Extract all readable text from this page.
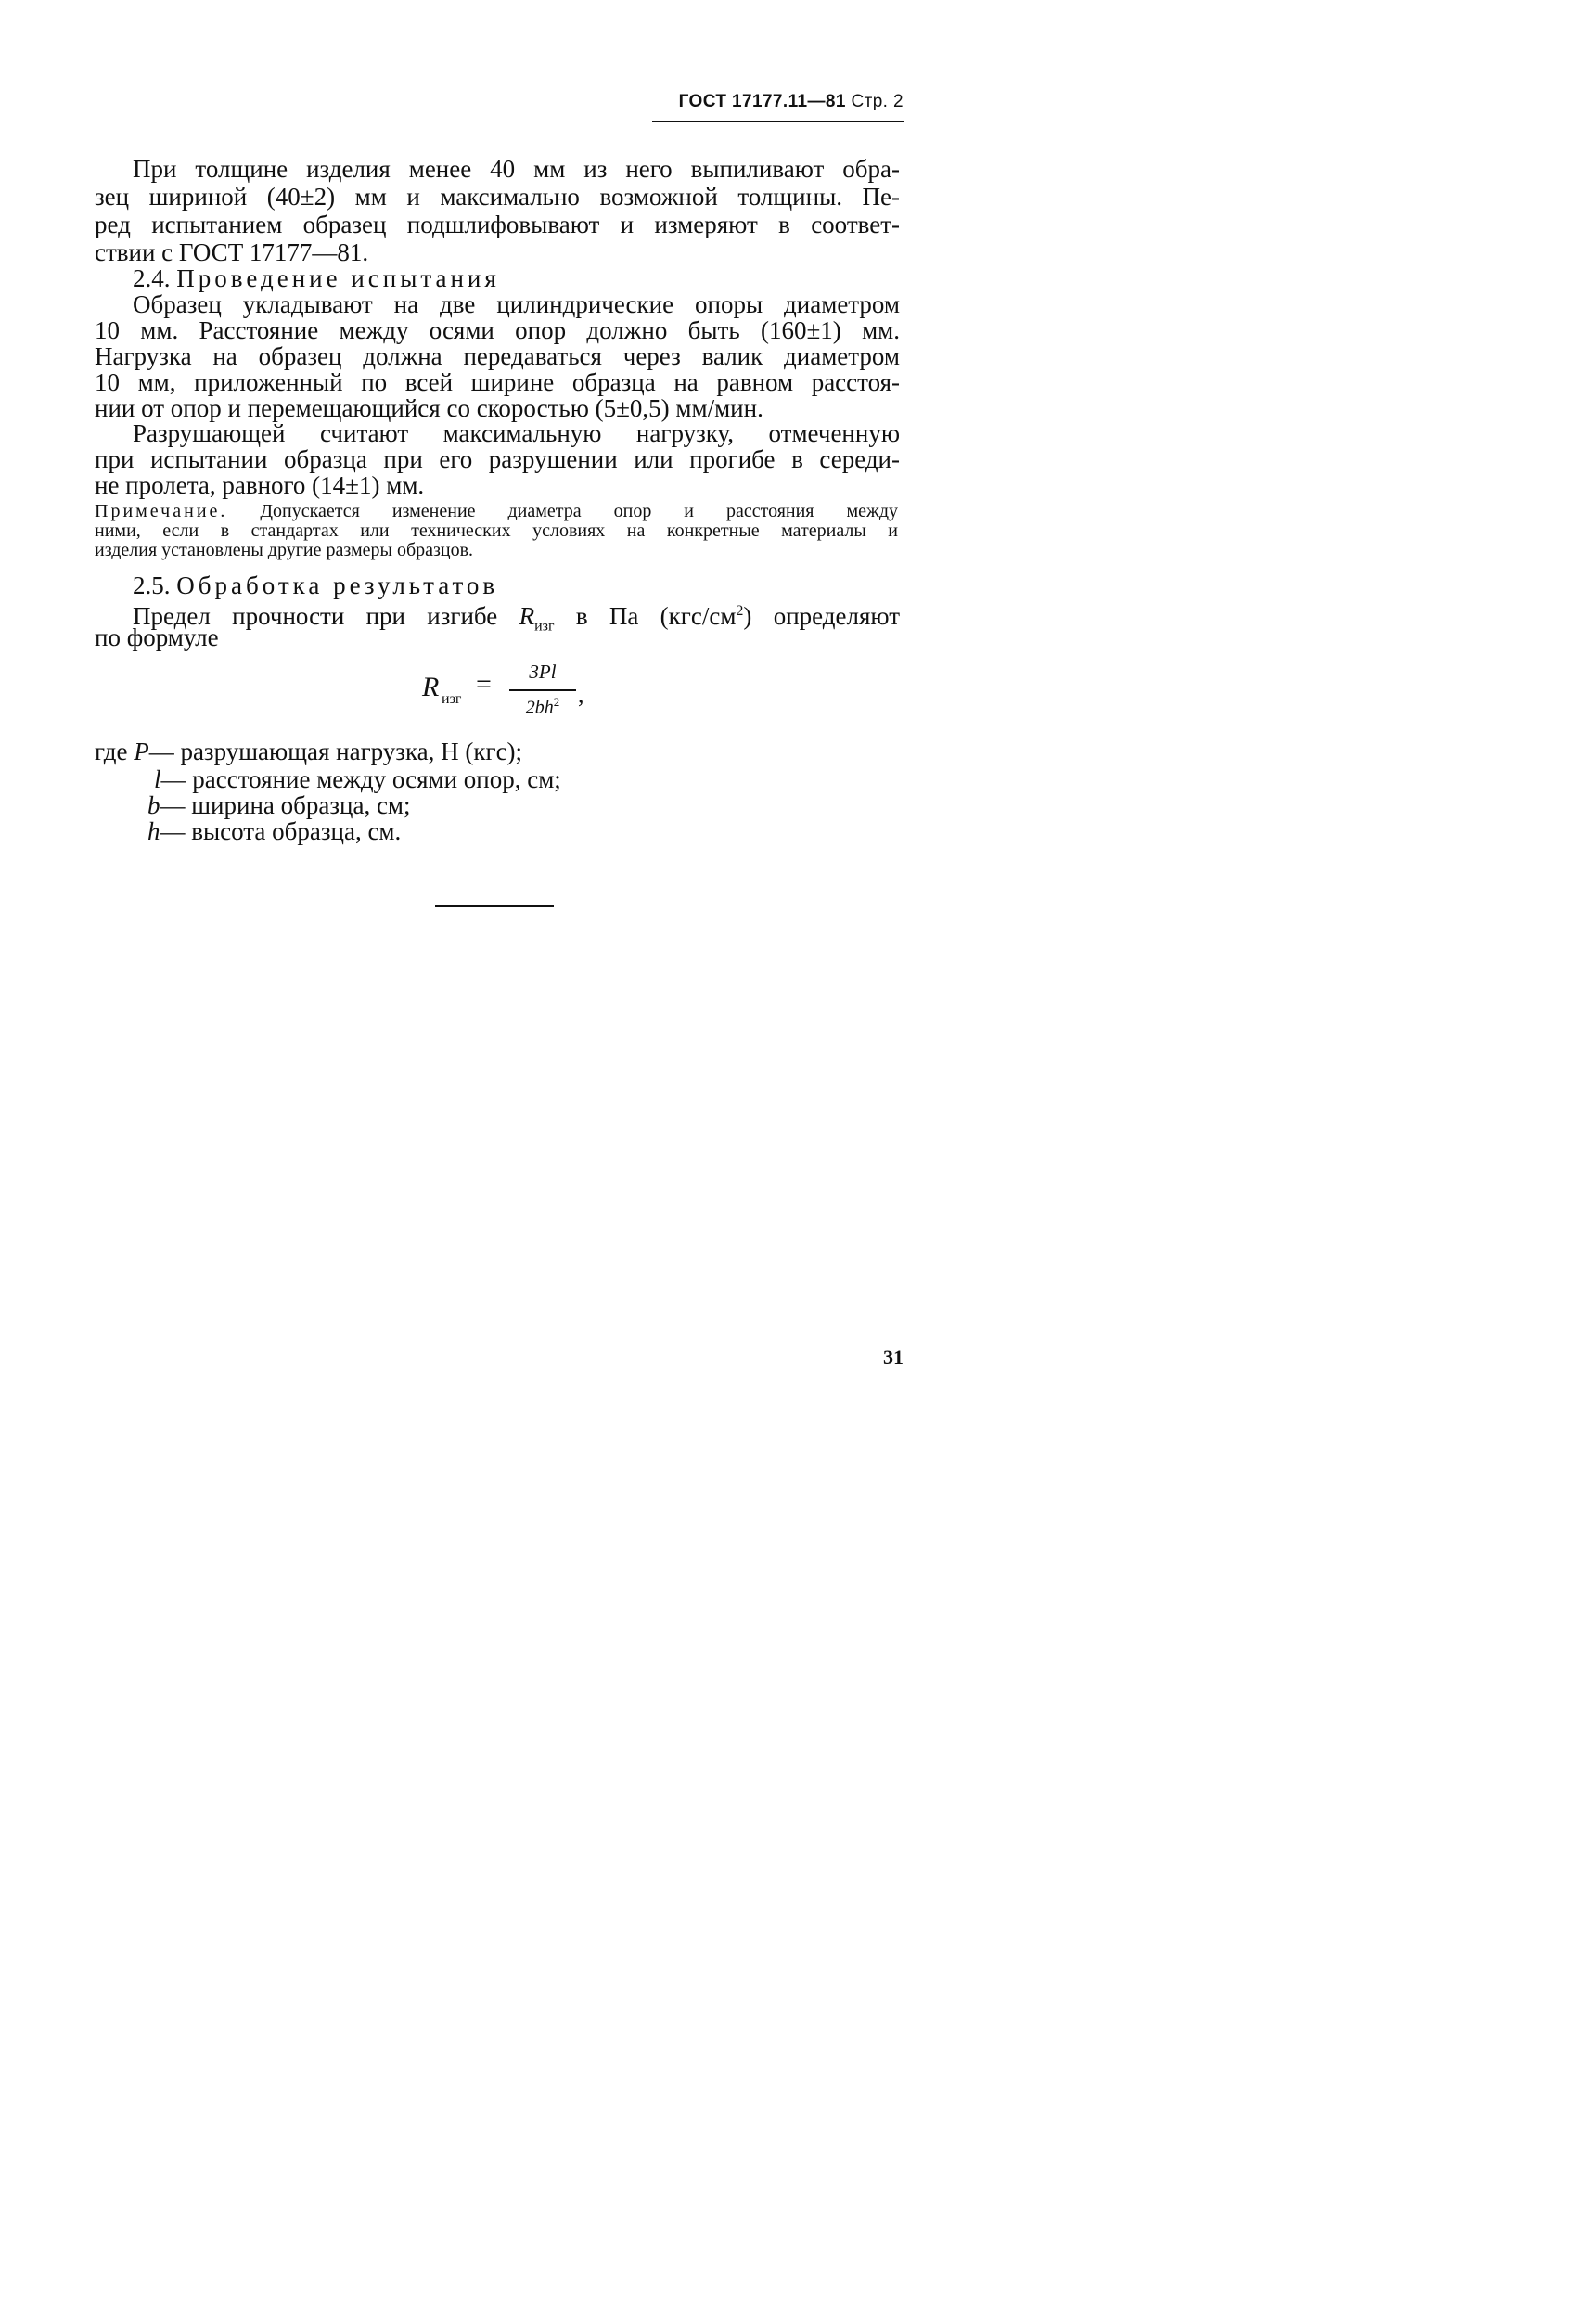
ГОСТ 17177.11—81 Стр. 2
При толщине изделия менее 40 мм из него выпиливают обра-
зец шириной (40±2) мм и максимально возможной толщины. Пе-
ред испытанием образец подшлифовывают и измеряют в соответ-
ствии с ГОСТ 17177—81.
2.4. Проведение испытания
Образец укладывают на две цилиндрические опоры диаметром
10 мм. Расстояние между осями опор должно быть (160±1) мм.
Нагрузка на образец должна передаваться через валик диаметром
10 мм, приложенный по всей ширине образца на равном расстоя-
нии от опор и перемещающийся со скоростью (5±0,5) мм/мин.
Разрушающей считают максимальную нагрузку, отмеченную
при испытании образца при его разрушении или прогибе в середи-
не пролета, равного (14±1) мм.
Примечание. Допускается изменение диаметра опор и расстояния между
ними, если в стандартах или технических условиях на конкретные материалы и
изделия установлены другие размеры образцов.
2.5. Обработка результатов
Предел прочности при изгибе $R_{изг}$ в Па $(кгс/см^2)$ определяют
по формуле
R изг =	3Pl
$2bh^2$ ,
где P— разрушающая нагрузка, Н (кгс);
l— расстояние между осями опор, см;
b— ширина образца, см;
h— высота образца, см.
31
